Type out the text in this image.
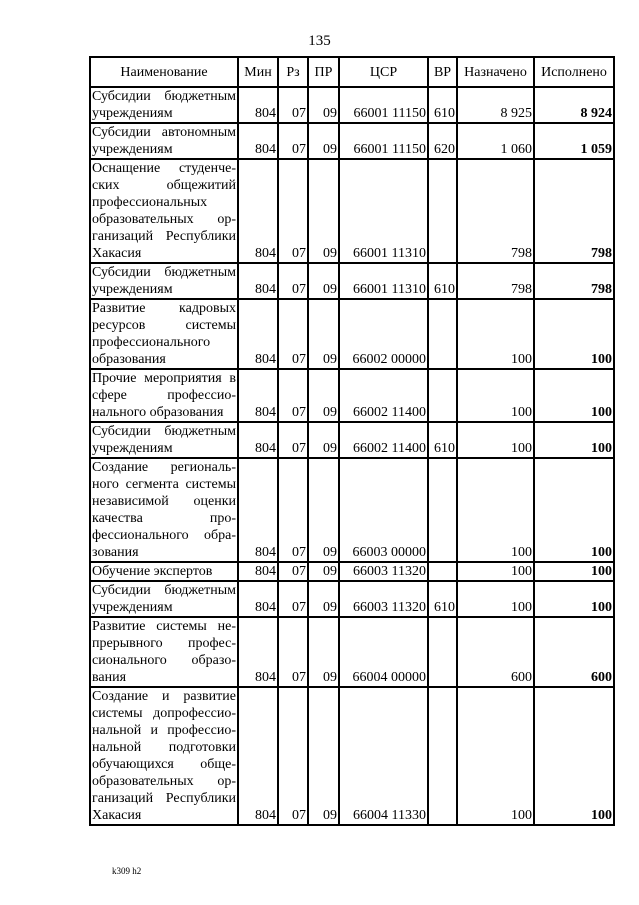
135
Наименование	Мин	Рз	ПР	ЦСР	ВР	Назначено	Исполнено
Субсидии бюджетным учреждениям	804	07	09	66001 11150	610	8 925	8 924
Субсидии автономным учреждениям	804	07	09	66001 11150	620	1 060	1 059
Оснащение студенческих общежитий профессиональных образовательных организаций Республики Хакасия	804	07	09	66001 11310		798	798
Субсидии бюджетным учреждениям	804	07	09	66001 11310	610	798	798
Развитие кадровых ресурсов системы профессионального образования	804	07	09	66002 00000		100	100
Прочие мероприятия в сфере профессионального образования	804	07	09	66002 11400		100	100
Субсидии бюджетным учреждениям	804	07	09	66002 11400	610	100	100
Создание регионального сегмента системы независимой оценки качества профессионального образования	804	07	09	66003 00000		100	100
Обучение экспертов	804	07	09	66003 11320		100	100
Субсидии бюджетным учреждениям	804	07	09	66003 11320	610	100	100
Развитие системы непрерывного профессионального образования	804	07	09	66004 00000		600	600
Создание и развитие системы допрофессиональной и профессиональной подготовки обучающихся общеобразовательных организаций Республики Хакасия	804	07	09	66004 11330		100	100
k309 h2
